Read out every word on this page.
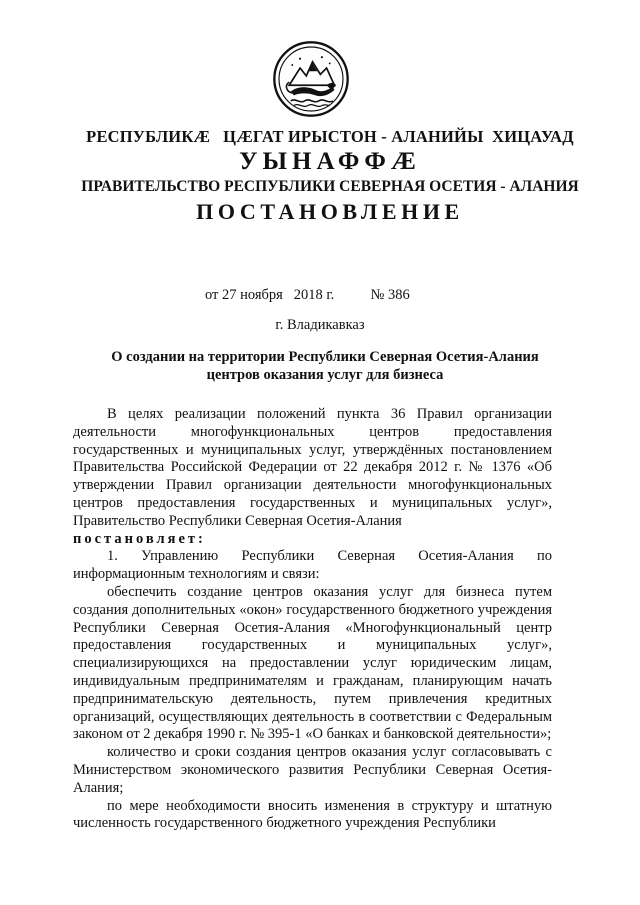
РЕСПУБЛИКӔ   ЦӔГАТ ИРЫСТОН - АЛАНИЙЫ  ХИЦАУАД
УЫНАФФӔ
ПРАВИТЕЛЬСТВО РЕСПУБЛИКИ СЕВЕРНАЯ ОСЕТИЯ - АЛАНИЯ
ПОСТАНОВЛЕНИЕ
от 27 ноября   2018 г.	№ 386
г. Владикавказ
О создании на территории Республики Северная Осетия-Алания
центров оказания услуг для бизнеса

В целях реализации положений пункта 36 Правил организации деятельности многофункциональных центров предоставления государственных и муниципальных услуг, утверждённых постановлением Правительства Российской Федерации от 22 декабря 2012 г. № 1376 «Об утверждении Правил организации деятельности многофункциональных центров предоставления государственных и муниципальных услуг», Правительство Республики Северная Осетия-Алания

постановляет:

1. Управлению Республики Северная Осетия-Алания по информационным технологиям и связи:

обеспечить создание центров оказания услуг для бизнеса путем создания дополнительных «окон» государственного бюджетного учреждения Республики Северная Осетия-Алания «Многофункциональный центр предоставления государственных и муниципальных услуг», специализирующихся на предоставлении услуг юридическим лицам, индивидуальным предпринимателям и гражданам, планирующим начать предпринимательскую деятельность, путем привлечения кредитных организаций, осуществляющих деятельность в соответствии с Федеральным законом от 2 декабря 1990 г. № 395-1 «О банках и банковской деятельности»;

количество и сроки создания центров оказания услуг согласовывать с Министерством экономического развития Республики Северная Осетия-Алания;

по мере необходимости вносить изменения в структуру и штатную численность государственного бюджетного учреждения Республики
